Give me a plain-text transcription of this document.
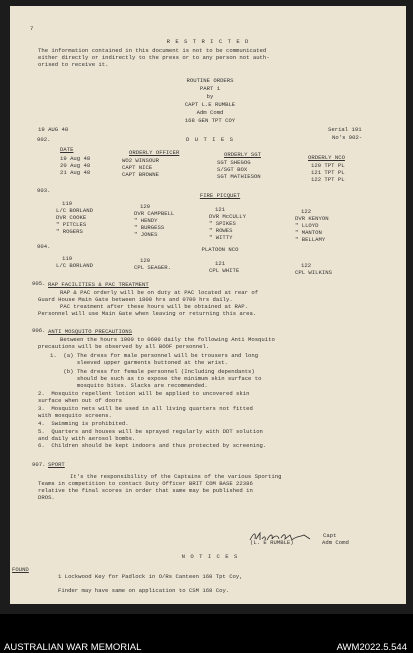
7
R E S T R I C T E D
The information contained in this document is not to be communicated
either directly or indirectly to the press or to any person not auth-
orised to receive it.
ROUTINE ORDERS
PART 1
by
CAPT L.E RUMBLE
Adm Comd
168 GEN TPT COY
19 AUG 48	Serial 191
No's 902-
902.	D U T I E S
DATE	ORDERLY OFFICER	ORDERLY SGT	ORDERLY NCO
19 Aug 48	WO2 WINSOUR	SGT SHEGOG	120 TPT PL
20 Aug 48	CAPT NICE	S/SGT BOX	121 TPT PL
21 Aug 48	CAPT BROWNE	SGT MATHIESON	122 TPT PL
903.
FIRE PICQUET
119
L/C BORLAND
DVR COOKE
" PITCLES
" ROGERS
120
DVR CAMPBELL
" HENDY
" BURGESS
" JONES
121
DVR McCULLY
" SPIKES
" ROWES
" WITTY
122
DVR KENYON
" LLOYD
" MANTON
" BELLAMY
904.	PLATOON NCO
119
L/C BORLAND
120
CPL SEAGER.
121
CPL WHITE
122
CPL WILKINS
905. RAP FACILITIES & PAC TREATMENT
RAP & PAC orderly will be on duty at PAC located at rear of
Guard House Main Gate between 1800 hrs and 0700 hrs daily.
PAC treatment after these hours will be obtained at RAP.
Personnel will use Main Gate when leaving or returning this area.
906. ANTI MOSQUITO PRECAUTIONS
Between the hours 1900 to 0600 daily the following Anti Mosquito
precautions will be observed by all BOOF personnel.
1.  (a) The dress for male personnel will be trousers and long
sleeved upper garments buttoned at the wrist.
(b) The dress for female personnel (Including dependants)
should be such as to expose the minimum skin surface to
mosquito bites. Slacks are recommended.
2.  Mosquito repellent lotion will be applied to uncovered skin
surface when out of doors
3.  Mosquito nets will be used in all living quarters not fitted
with mosquito screens.
4.  Swimming is prohibited.
5.  Quarters and houses will be sprayed regularly with DDT solution
and daily with aerosol bombs.
6.  Children should be kept indoors and thus protected by screening.
907. SPORT
It's the responsibility of the Captains of the various Sporting
Teams in competition to contact Duty Officer BRIT COM BASE 22386
relative the final scores in order that same may be published in
DROS.
Capt
(L. E RUMBLE)	Adm Comd
N O T I C E S
FOUND
1 Lockwood Key for Padlock in O/Rs Canteen 168 Tpt Coy,
Finder may have same on application to CSM 168 Coy.
AUSTRALIAN WAR MEMORIAL	AWM2022.5.544
